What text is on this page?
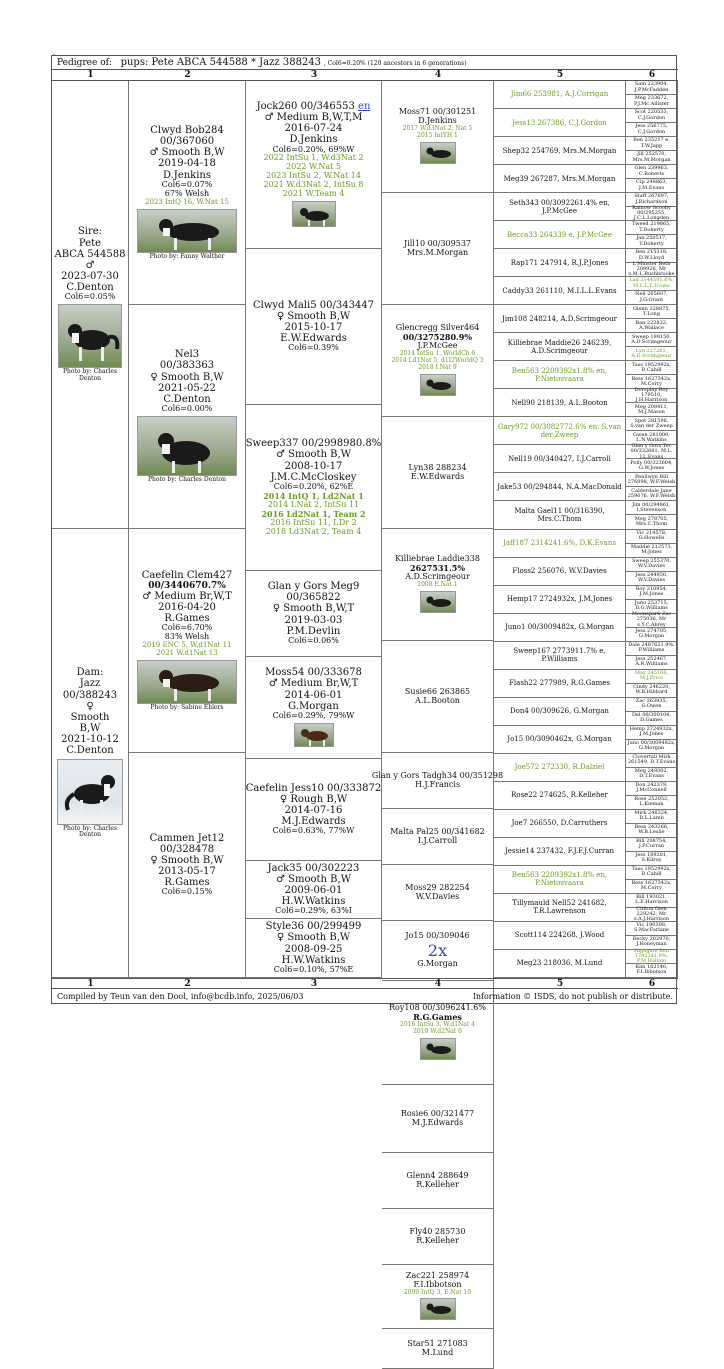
.
Pedigree of: pups: Pete ABCA 544588 * Jazz 388243 , Col6=0.20% (120 ancestors in 6 generations)
1	2	3	4	5	6
Sire:
Pete
ABCA 544588
♂
2023-07-30
C.Denton
Col6=0.05%
Photo by: Charles Denton
Dam:
Jazz
00/388243
♀
Smooth
B,W
2021-10-12
C.Denton
Photo by: Charles Denton
Clwyd Bob284
00/367060
♂ Smooth B,W
2019-04-18
D.Jenkins
Col6=0.07%
67% Welsh
2023 IntQ 16, W.Nat 15
Photo by: Fanny Walther
Nel3
00/383363
♀ Smooth B,W
2021-05-22
C.Denton
Col6=0.00%
Photo by: Charles Denton
Caefelin Clem427
00/3440670.7%
♂ Medium Br,W,T
2016-04-20
R.Games
Col6=6.70%
83% Welsh
2019 ENC 5, W.d1Nat 11
2021 W.d1Nat 13
Photo by: Sabine Ehlers
Cammen Jet12
00/328478
♀ Smooth B,W
2013-05-17
R.Games
Col6=0.15%
Jock260 00/346553 en
♂ Medium B,W,T,M
2016-07-24
D.Jenkins
Col6=0.20%, 69%W
2022 IntSu 1, W.d3Nat 2
2022 W.Nat 5
2023 IntSu 2, W.Nat 14
2021 W.d3Nat 2, IntSu 8
2021 W.Team 4
Clwyd Mali5 00/343447
♀ Smooth B,W
2015-10-17
E.W.Edwards
Col6=0.39%
Sweep337 00/2998980.8%
♂ Smooth B,W
2008-10-17
J.M.C.McCloskey
Col6=0.20%, 62%E
2014 IntQ 1, Ld2Nat 1
2014 I.Nat 2, IntSu 11
2016 Ld2Nat 1, Team 2
2016 IntSu 11, I.Dr 2
2018 Ld3Nat 2, Team 4
Glan y Gors Meg9
00/365822
♀ Smooth B,W,T
2019-03-03
P.M.Devlin
Col6=0.06%
Moss54 00/333678
♂ Medium Br,W,T
2014-06-01
G.Morgan
Col6=0.29%, 79%W
Caefelin Jess10 00/333872
♀ Rough B,W
2014-07-16
M.J.Edwards
Col6=0.63%, 77%W
Jack35 00/302223
♂ Smooth B,W
2009-06-01
H.W.Watkins
Col6=0.29%, 63%I
Style36 00/299499
♀ Smooth B,W
2008-09-25
H.W.Watkins
Col6=0.10%, 57%E
Moss71 00/301251
D.Jenkins
2017 W.d3Nat 2, Nat 5
2015 IntYH 1
Jill10 00/309537
Mrs.M.Morgan
Glencregg Silver464
00/3275280.9%
J.P.McGee
2014 IntSu 1, WorldCh 6
2014 Ld1Nat 5, d1I2WorldQ 3
2018 I.Nat 9
Lyn38 288234
E.W.Edwards
Killiebrae Laddie338
2627531.5%
A.D.Scrimgeour
2008 E.Nat 1
Susie66 263865
A.L.Booton
Glan y Gors Tadgh34 00/351298
H.J.Francis
Malta Pal25 00/341682
I.J.Carroll
Moss29 282254
W.V.Davies
Jo15 00/309046
2x
G.Morgan
Roy108 00/3096241.6%
R.G.Games
2016 IntSu 3, W.d1Nat 4
2019 W.d2Nat 6
Rosie6 00/321477
M.J.Edwards
Glenn4 288649
R.Kelleher
Fly40 285730
R.Kelleher
Zac221 258974
F.I.Ibbotson
2009 IntQ 3, E.Nat 10
Star51 271083
M.Lund
Jim66 253981, A.J.Corrigan
Jess13 267386, C.J.Gordon
Shep32 254769, Mrs.M.Morgan
Meg39 267287, Mrs.M.Morgan
Seth343 00/3092261.4% en, J.P.McGee
Becca33 264339 e, J.P.McGee
Rap171 247914, R.J.P.Jones
Caddy33 261110, M.I.L.L.Evans
Jim108 248214, A.D.Scrimgeour
Killiebrae Maddie26 246239, A.D.Scrimgeour
Ben563 2209392x1.8% en, P.Nietosvaara
Nell90 218139, A.L.Booton
Gary972 00/3082772.6% en, S.van der Zweep
Nell19 00/340427, I.J.Carroll
Jake53 00/294844, N.A.MacDonald
Malta Gael11 00/316390, Mrs.C.Thom
Jaff187 2314241.6%, D.K.Evans
Floss2 256076, W.V.Davies
Hemp17 2724932x, J.M.Jones
Juno1 00/3009482x, G.Morgan
Sweep167 2773911.7% e, P.Williams
Flash22 277989, R.G.Games
Don4 00/309626, G.Morgan
Jo15 00/3090462x, G.Morgan
Joe572 272330, R.Dalziel
Rose22 274625, R.Kelleher
Joe7 266550, D.Carruthers
Jessie14 237432, F.J.F.J.Curran
Ben563 2209392x1.8% en, P.Nietosvaara
Tillymauld Nell52 241682, T.R.Lawrenson
Scott114 224268, J.Wood
Meg23 218036, M.Lund
Sam 223904, J.P.McFadden
Meg 233672, P.J.Mc.Allister
Scot 220533, C.J.Gordon
Jess 256775, C.J.Gordon
Ben 235217 e, T.W.Japp
Jill 252570, Mrs.M.Morgan
Glen 239963, C.Roberts
Cip 248863, J.M.Evans
Staff 267697, J.Richardson
Rainow Scooby 00/295255, J.C.L.Longden
Tweed 219865, T.Doherty
Jan 250517, T.Doherty
Ben 215318, D.W.Lloyd
L'Minster Beth 209926, Mr s.M.L.Rushbrooke
Lad 2144591.6%, M.L.L.L.Evans
Nell 265607, J.G.Grant
Glenn 228875, T.Long
Ban 222832, A.Wallace
Sweep 198150, A.D.Scrimgeour
Lyn 227261, A.D.Scrimgeour
Tass 1952992x, D.Cahill
Bess 1627342x, M.Corry
Dorsplay Roy 179510, J.H.Harrison
Meg 208411, M.J.Mason
Spot 281596, S.van der Zweep
Gwen 281000, L.N.Watkins
Glan y Gors Tec 00/332681, M.L. J.L.Evans
Polly 00/323604, G.W.Jones
Penllwyn Bill 276098, W.F.Welsh
Calderdale Jane 259076, W.F.Welsh
Jim 00/294861, I.Stevenson
Meg 278705, Mrs.C.Thom
Vic 214578, G.Howells
Maddie 212573, M.Jones
Sweep 255370, W.V.Davies
Jess 244950, W.V.Davies
Roy 210954, J.M.Jones
Juno 253715, D.G.Williams
Moonspark Zac 275036, Mr s.Y.C.Abrey
Jess 274705, G.Morgan
Dale 2487621.9%, P.Williams
Jess 252467, A.R.Williams
Max 245166, M.J.Price
Cindy 246220, W.B.Hibbard
Zac 263935, G.Owen
Del 00/300104, D.Games
Hemp 2724932x, J.M.Jones
Juno 00/3009482x, G.Morgan
Cloverhill Mirk 261549, D.T.Evans
Meg 249302, D.T.Evans
Don 242379, J.McConnell
Rose 252052, L.Kieman
Mirk 248324, D.L.Lamb
Bess 243266, W.B.Leslie
Bill 208754, J.P.Curran
Jess 189281, S.Kilroy
Tass 1952992x, D.Cahill
Bess 1627342x, M.Corry
Bill 193021, L.E.Harrison
Clifton Gem 229242, Mr s.A.J.Harrison
Vic 190308, S.MacFarlane
Becky 202970, J.Honeyman
Highgate Ben 1742241.9%, P.M.Hallam
Kim 162140, F.I.Ibbotson
1	2	3	4	5	6
Compiled by Teun van den Dool, info@bcdb.info, 2025/06/03	Information © ISDS, do not publish or distribute.
